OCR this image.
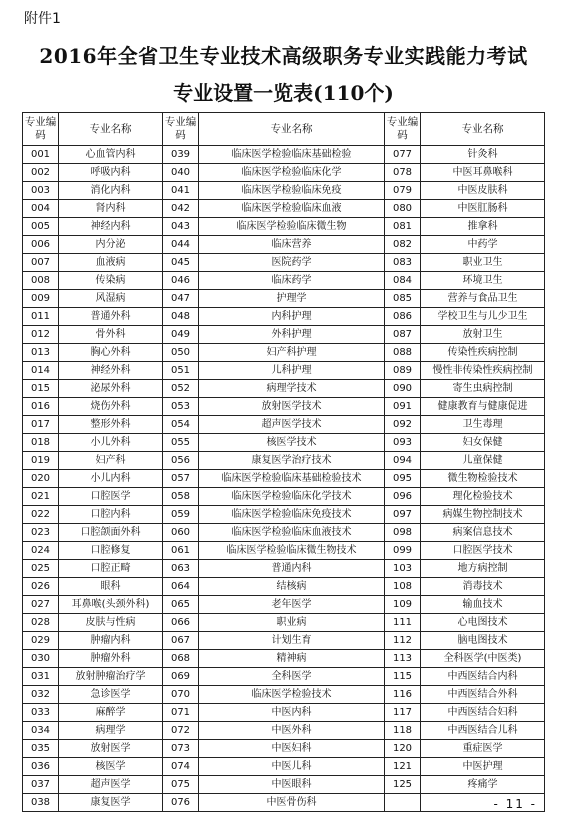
附件1
2016年全省卫生专业技术高级职务专业实践能力考试
专业设置一览表(110个)
专业编码	专业名称	专业编码	专业名称	专业编码	专业名称
001	心血管内科	039	临床医学检验临床基础检验	077	针灸科
002	呼吸内科	040	临床医学检验临床化学	078	中医耳鼻喉科
003	消化内科	041	临床医学检验临床免疫	079	中医皮肤科
004	肾内科	042	临床医学检验临床血液	080	中医肛肠科
005	神经内科	043	临床医学检验临床微生物	081	推拿科
006	内分泌	044	临床营养	082	中药学
007	血液病	045	医院药学	083	职业卫生
008	传染病	046	临床药学	084	环境卫生
009	风湿病	047	护理学	085	营养与食品卫生
011	普通外科	048	内科护理	086	学校卫生与儿少卫生
012	骨外科	049	外科护理	087	放射卫生
013	胸心外科	050	妇产科护理	088	传染性疾病控制
014	神经外科	051	儿科护理	089	慢性非传染性疾病控制
015	泌尿外科	052	病理学技术	090	寄生虫病控制
016	烧伤外科	053	放射医学技术	091	健康教育与健康促进
017	整形外科	054	超声医学技术	092	卫生毒理
018	小儿外科	055	核医学技术	093	妇女保健
019	妇产科	056	康复医学治疗技术	094	儿童保健
020	小儿内科	057	临床医学检验临床基础检验技术	095	微生物检验技术
021	口腔医学	058	临床医学检验临床化学技术	096	理化检验技术
022	口腔内科	059	临床医学检验临床免疫技术	097	病媒生物控制技术
023	口腔颌面外科	060	临床医学检验临床血液技术	098	病案信息技术
024	口腔修复	061	临床医学检验临床微生物技术	099	口腔医学技术
025	口腔正畸	063	普通内科	103	地方病控制
026	眼科	064	结核病	108	消毒技术
027	耳鼻喉(头颈外科)	065	老年医学	109	输血技术
028	皮肤与性病	066	职业病	111	心电图技术
029	肿瘤内科	067	计划生育	112	脑电图技术
030	肿瘤外科	068	精神病	113	全科医学(中医类)
031	放射肿瘤治疗学	069	全科医学	115	中西医结合内科
032	急诊医学	070	临床医学检验技术	116	中西医结合外科
033	麻醉学	071	中医内科	117	中西医结合妇科
034	病理学	072	中医外科	118	中西医结合儿科
035	放射医学	073	中医妇科	120	重症医学
036	核医学	074	中医儿科	121	中医护理
037	超声医学	075	中医眼科	125	疼痛学
038	康复医学	076	中医骨伤科			- 11 -
